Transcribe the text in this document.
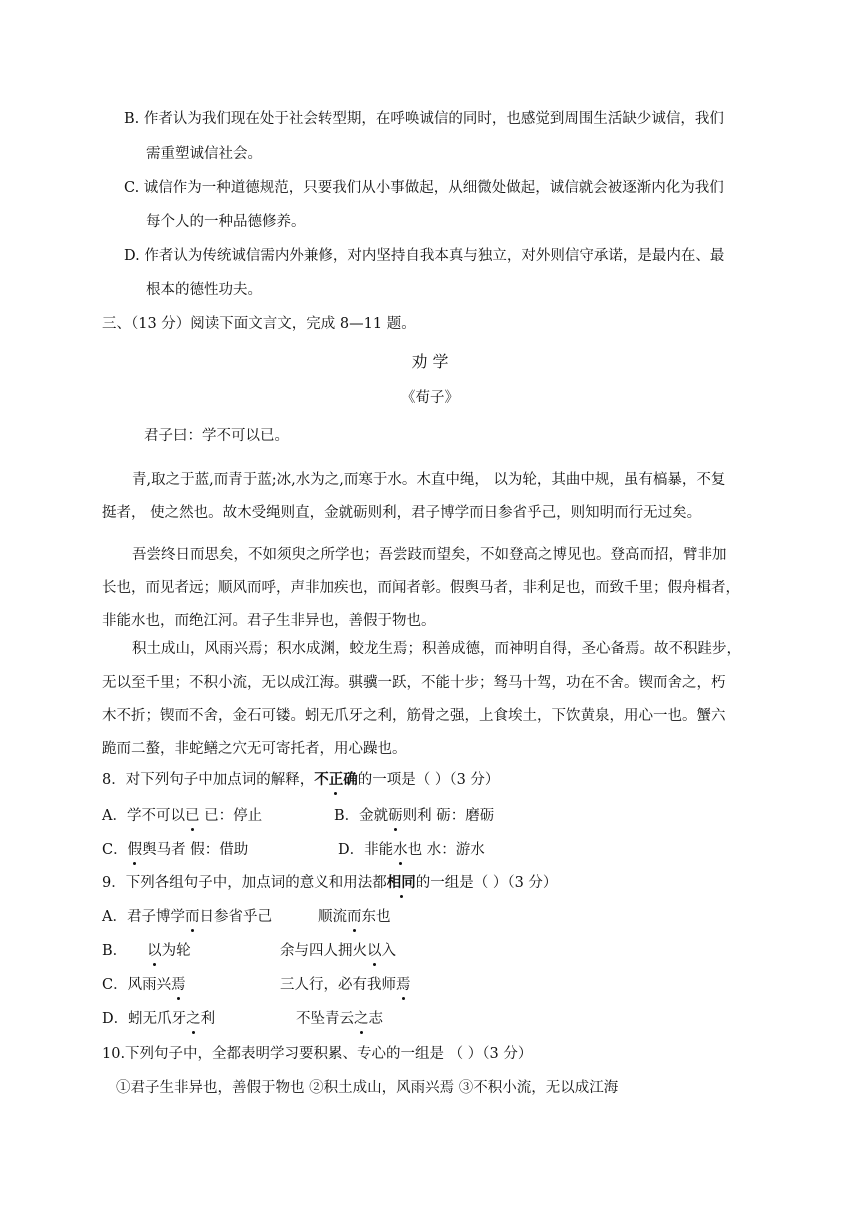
B. 作者认为我们现在处于社会转型期，在呼唤诚信的同时，也感觉到周围生活缺少诚信，我们
需重塑诚信社会。
C. 诚信作为一种道德规范，只要我们从小事做起，从细微处做起，诚信就会被逐渐内化为我们
每个人的一种品德修养。
D. 作者认为传统诚信需内外兼修，对内坚持自我本真与独立，对外则信守承诺，是最内在、最
根本的德性功夫。
三、（13 分）阅读下面文言文，完成 8—11 题。
劝 学
《荀子》
君子曰：学不可以已。
青,取之于蓝,而青于蓝;冰,水为之,而寒于水。木直中绳， 以为轮，其曲中规，虽有槁暴，不复
挺者， 使之然也。故木受绳则直，金就砺则利，君子博学而日参省乎己，则知明而行无过矣。
吾尝终日而思矣，不如须臾之所学也；吾尝跂而望矣，不如登高之博见也。登高而招，臂非加
长也，而见者远；顺风而呼，声非加疾也，而闻者彰。假舆马者，非利足也，而致千里；假舟楫者，
非能水也，而绝江河。君子生非异也，善假于物也。
积土成山，风雨兴焉；积水成渊，蛟龙生焉；积善成德，而神明自得，圣心备焉。故不积跬步，
无以至千里；不积小流，无以成江海。骐骥一跃，不能十步；驽马十驾，功在不舍。锲而舍之，朽
木不折；锲而不舍，金石可镂。蚓无爪牙之利，筋骨之强，上食埃土，下饮黄泉，用心一也。蟹六
跪而二螯，非蛇鳝之穴无可寄托者，用心躁也。
8．对下列句子中加点词的解释，不正确的一项是（ ）（3 分）
A．学不可以已 已：停止	B．金就砺则利 砺：磨砺
C．假舆马者 假：借助	D．非能水也 水：游水
9．下列各组句子中，加点词的意义和用法都相同的一组是（ ）（3 分）
A．君子博学而日参省乎己	顺流而东也
B． 以为轮	余与四人拥火以入
C．风雨兴焉	三人行，必有我师焉
D．蚓无爪牙之利	不坠青云之志
10.下列句子中，全都表明学习要积累、专心的一组是 （ ）（3 分）
①君子生非异也，善假于物也 ②积土成山，风雨兴焉 ③不积小流，无以成江海
